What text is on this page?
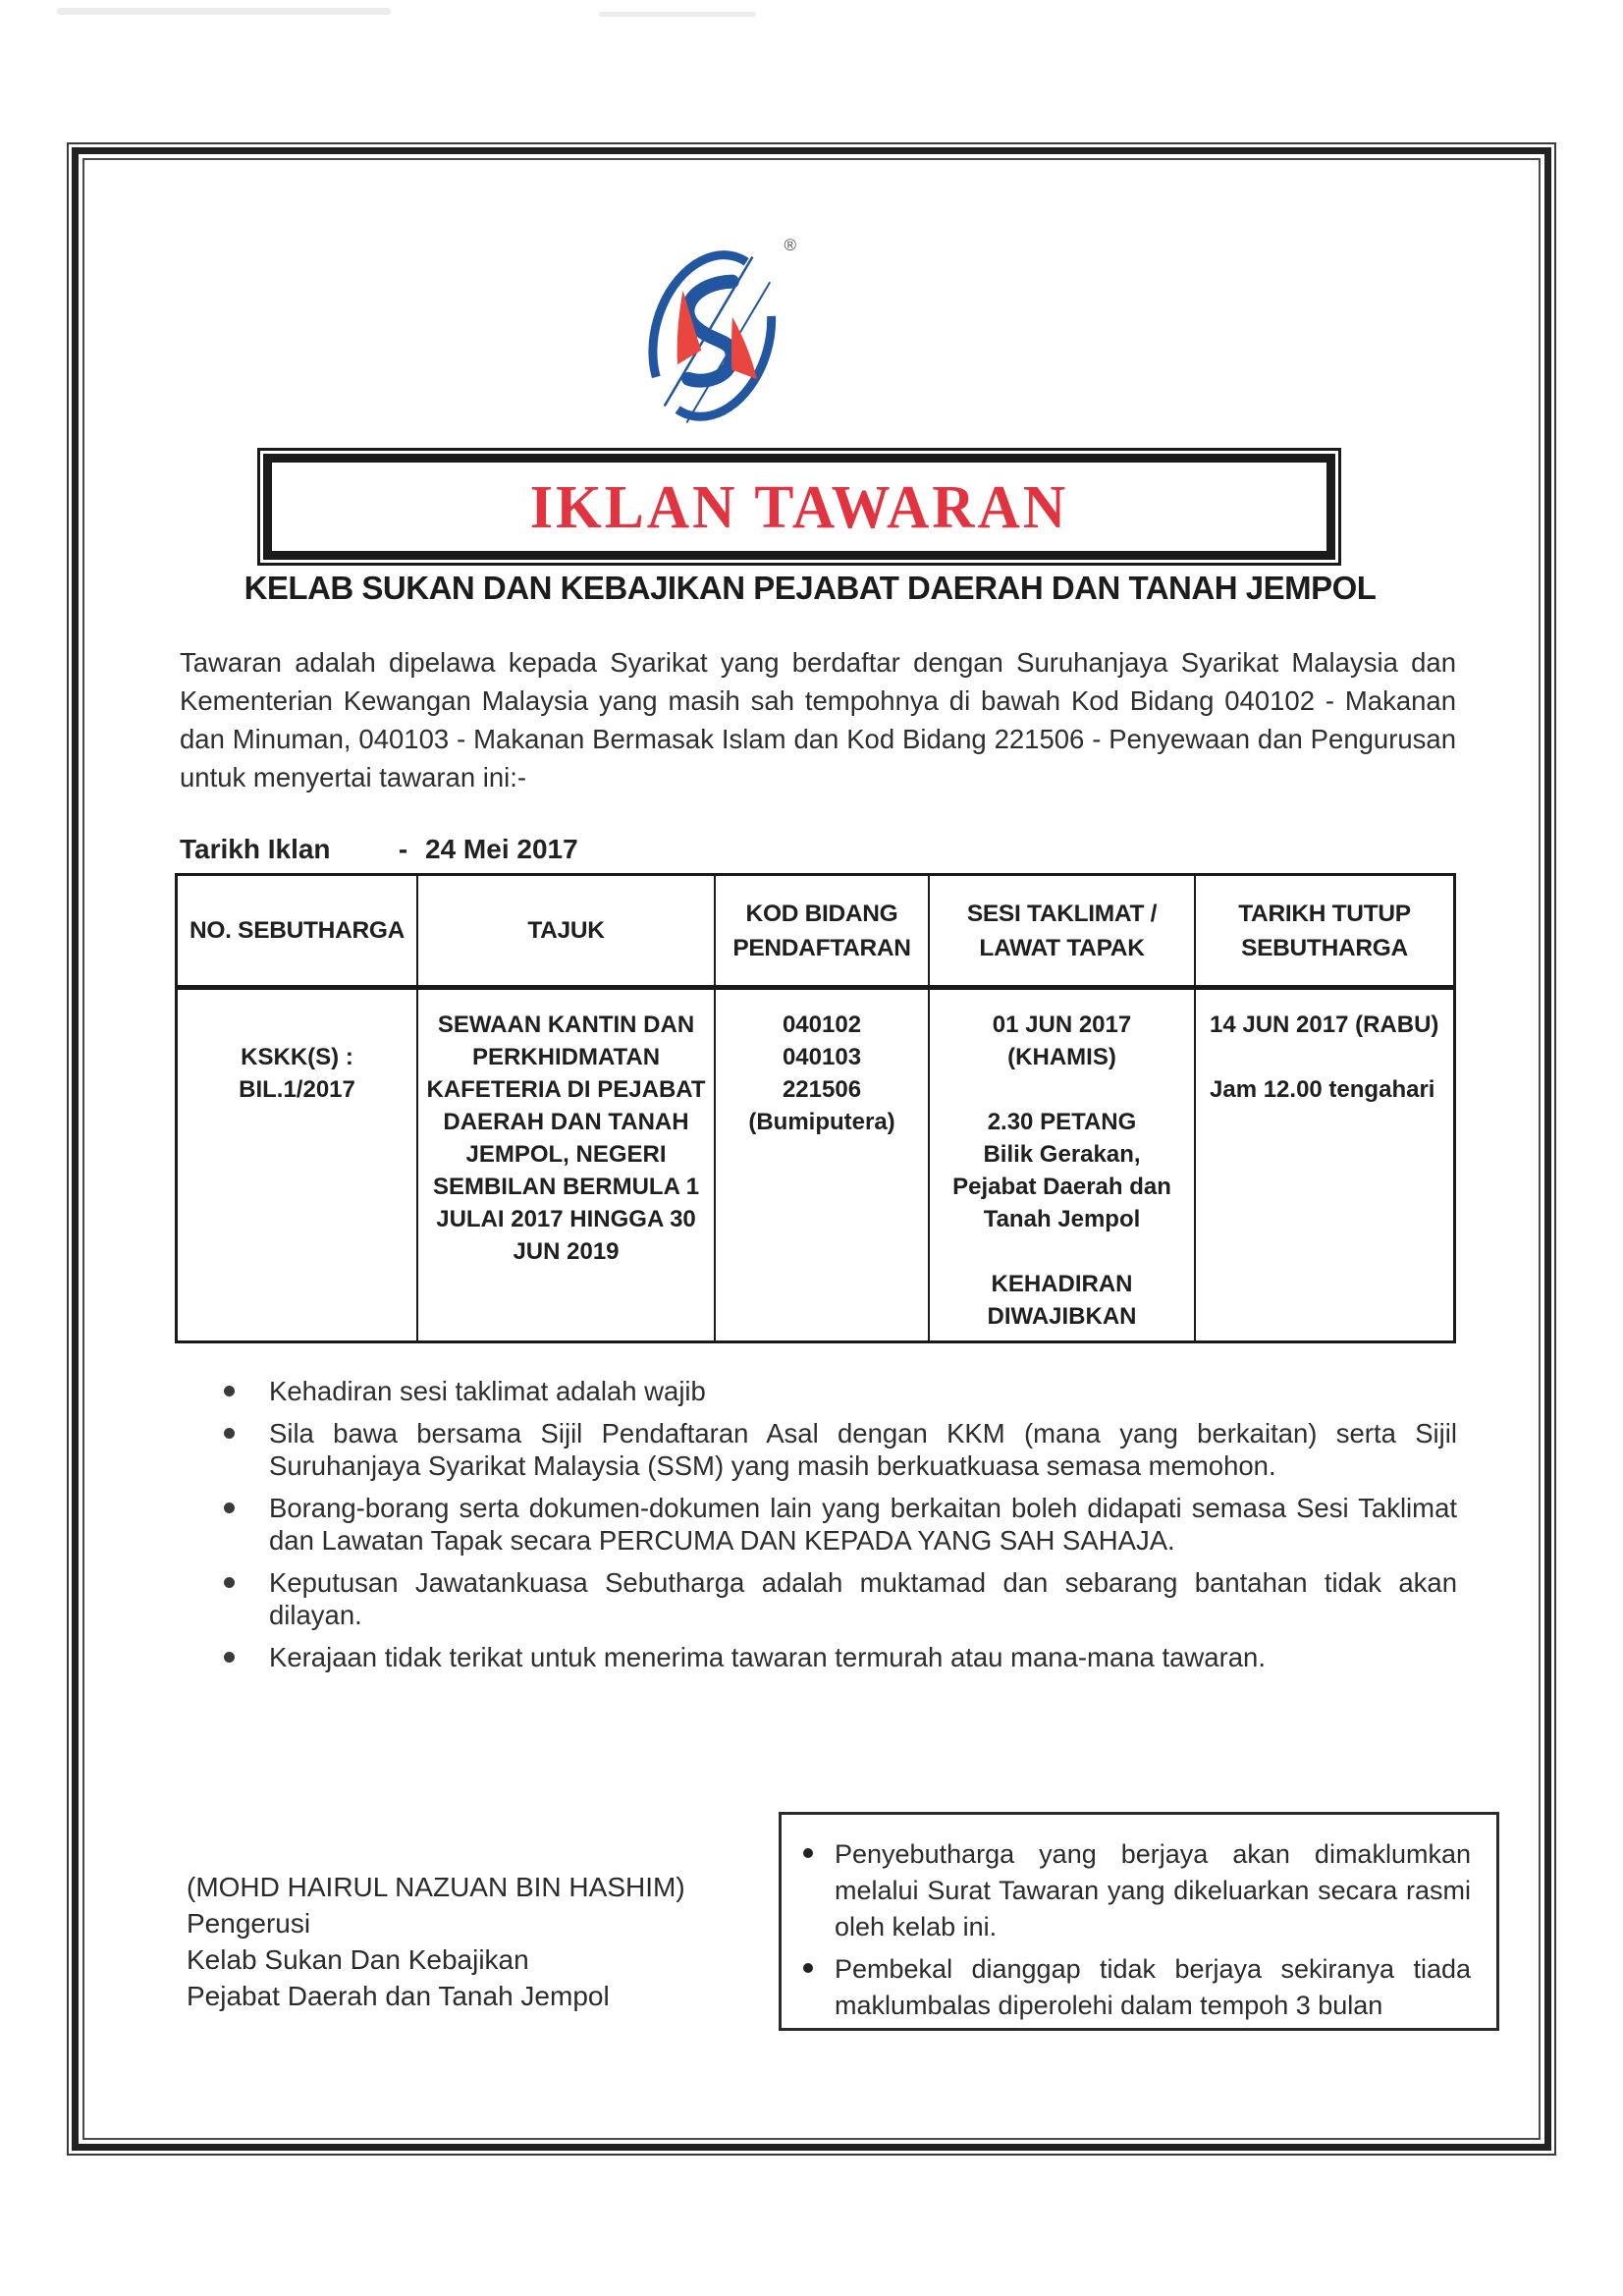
®
IKLAN TAWARAN
KELAB SUKAN DAN KEBAJIKAN PEJABAT DAERAH DAN TANAH JEMPOL
Tawaran adalah dipelawa kepada Syarikat yang berdaftar dengan Suruhanjaya Syarikat Malaysia dan Kementerian Kewangan Malaysia yang masih sah tempohnya di bawah Kod Bidang 040102 - Makanan dan Minuman, 040103 - Makanan Bermasak Islam dan Kod Bidang 221506 - Penyewaan dan Pengurusan untuk menyertai tawaran ini:-
Tarikh Iklan - 24 Mei 2017
NO. SEBUTHARGA	TAJUK
KOD BIDANG
PENDAFTARAN
SESI TAKLIMAT /
LAWAT TAPAK
TARIKH TUTUP
SEBUTHARGA

KSKK(S) :
BIL.1/2017
SEWAAN KANTIN DAN
PERKHIDMATAN
KAFETERIA DI PEJABAT
DAERAH DAN TANAH
JEMPOL, NEGERI
SEMBILAN BERMULA 1
JULAI 2017 HINGGA 30
JUN 2019
040102
040103
221506
(Bumiputera)
01 JUN 2017
(KHAMIS)

2.30 PETANG
Bilik Gerakan,
Pejabat Daerah dan
Tanah Jempol

KEHADIRAN
DIWAJIBKAN
14 JUN 2017 (RABU)

Jam 12.00 tengahari
Kehadiran sesi taklimat adalah wajib
Sila bawa bersama Sijil Pendaftaran Asal dengan KKM (mana yang berkaitan) serta Sijil Suruhanjaya Syarikat Malaysia (SSM) yang masih berkuatkuasa semasa memohon.
Borang-borang serta dokumen-dokumen lain yang berkaitan boleh didapati semasa Sesi Taklimat dan Lawatan Tapak secara PERCUMA DAN KEPADA YANG SAH SAHAJA.
Keputusan Jawatankuasa Sebutharga adalah muktamad dan sebarang bantahan tidak akan dilayan.
Kerajaan tidak terikat untuk menerima tawaran termurah atau mana-mana tawaran.
(MOHD HAIRUL NAZUAN BIN HASHIM)
Pengerusi
Kelab Sukan Dan Kebajikan
Pejabat Daerah dan Tanah Jempol
Penyebutharga yang berjaya akan dimaklumkan melalui Surat Tawaran yang dikeluarkan secara rasmi oleh kelab ini.
Pembekal dianggap tidak berjaya sekiranya tiada maklumbalas diperolehi dalam tempoh 3 bulan
